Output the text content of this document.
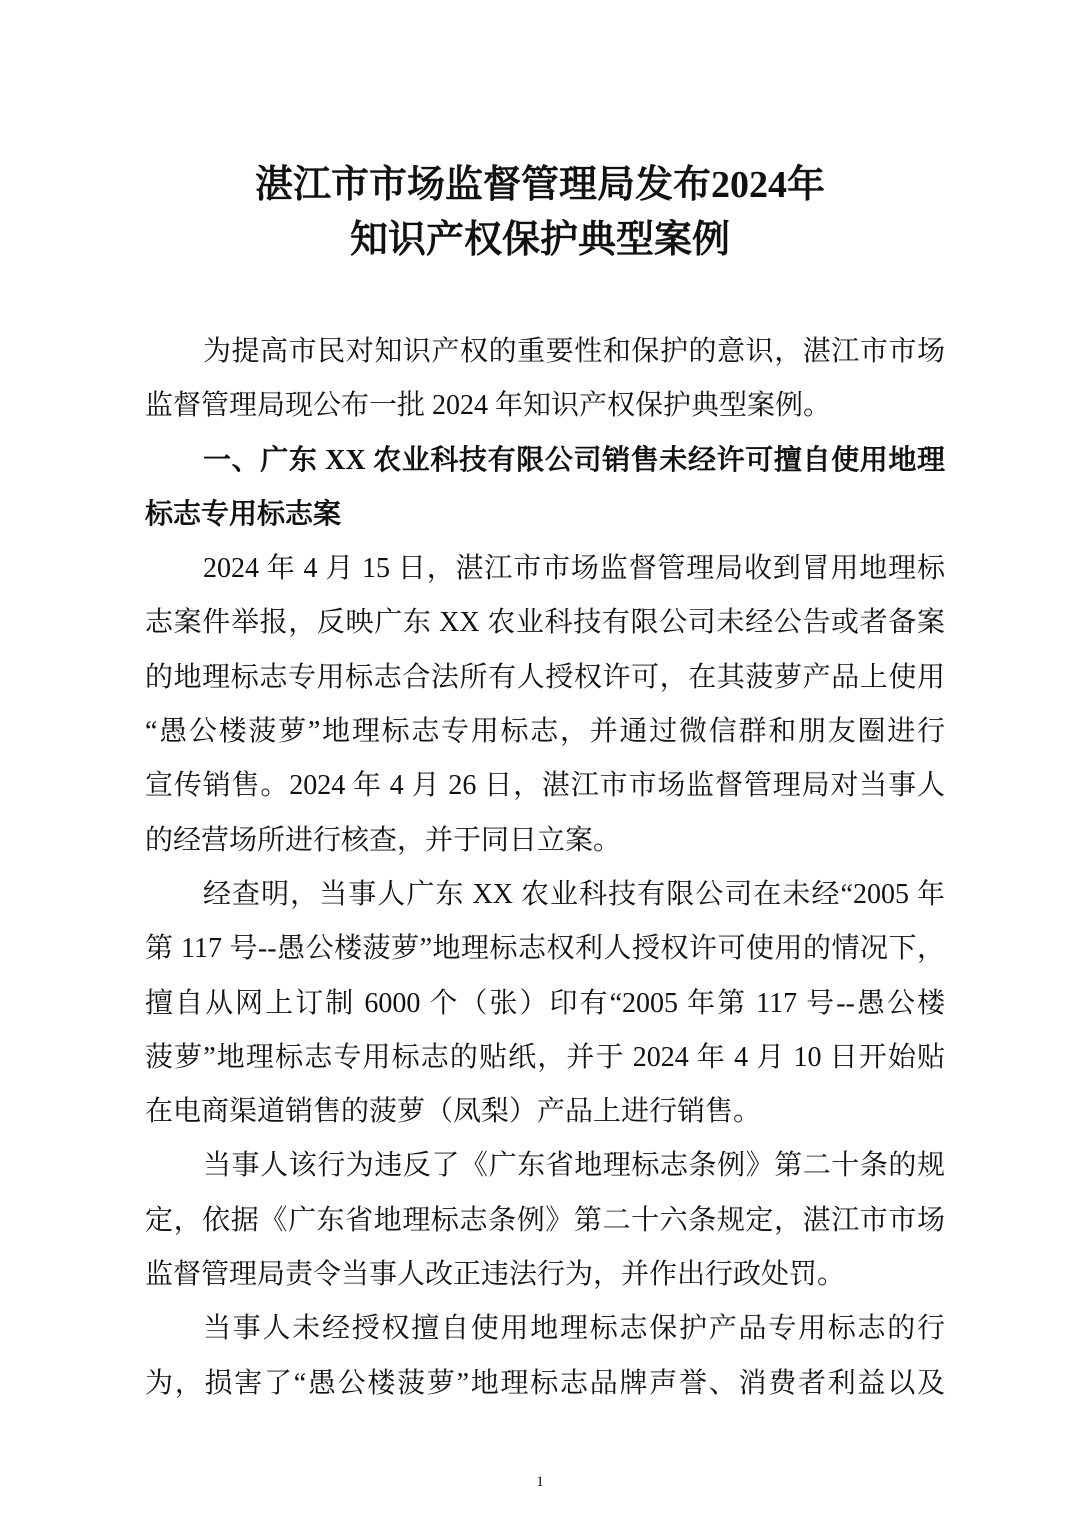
湛江市市场监督管理局发布2024年
知识产权保护典型案例
为提高市民对知识产权的重要性和保护的意识，湛江市市场
监督管理局现公布一批 2024 年知识产权保护典型案例。
一、广东 XX 农业科技有限公司销售未经许可擅自使用地理
标志专用标志案
2024 年 4 月 15 日，湛江市市场监督管理局收到冒用地理标
志案件举报，反映广东 XX 农业科技有限公司未经公告或者备案
的地理标志专用标志合法所有人授权许可，在其菠萝产品上使用
“愚公楼菠萝”地理标志专用标志，并通过微信群和朋友圈进行
宣传销售。2024 年 4 月 26 日，湛江市市场监督管理局对当事人
的经营场所进行核查，并于同日立案。
经查明，当事人广东 XX 农业科技有限公司在未经“2005 年
第 117 号--愚公楼菠萝”地理标志权利人授权许可使用的情况下，
擅自从网上订制 6000 个（张）印有“2005 年第 117 号--愚公楼
菠萝”地理标志专用标志的贴纸，并于 2024 年 4 月 10 日开始贴
在电商渠道销售的菠萝（凤梨）产品上进行销售。
当事人该行为违反了《广东省地理标志条例》第二十条的规
定，依据《广东省地理标志条例》第二十六条规定，湛江市市场
监督管理局责令当事人改正违法行为，并作出行政处罚。
当事人未经授权擅自使用地理标志保护产品专用标志的行
为，损害了“愚公楼菠萝”地理标志品牌声誉、消费者利益以及
1
